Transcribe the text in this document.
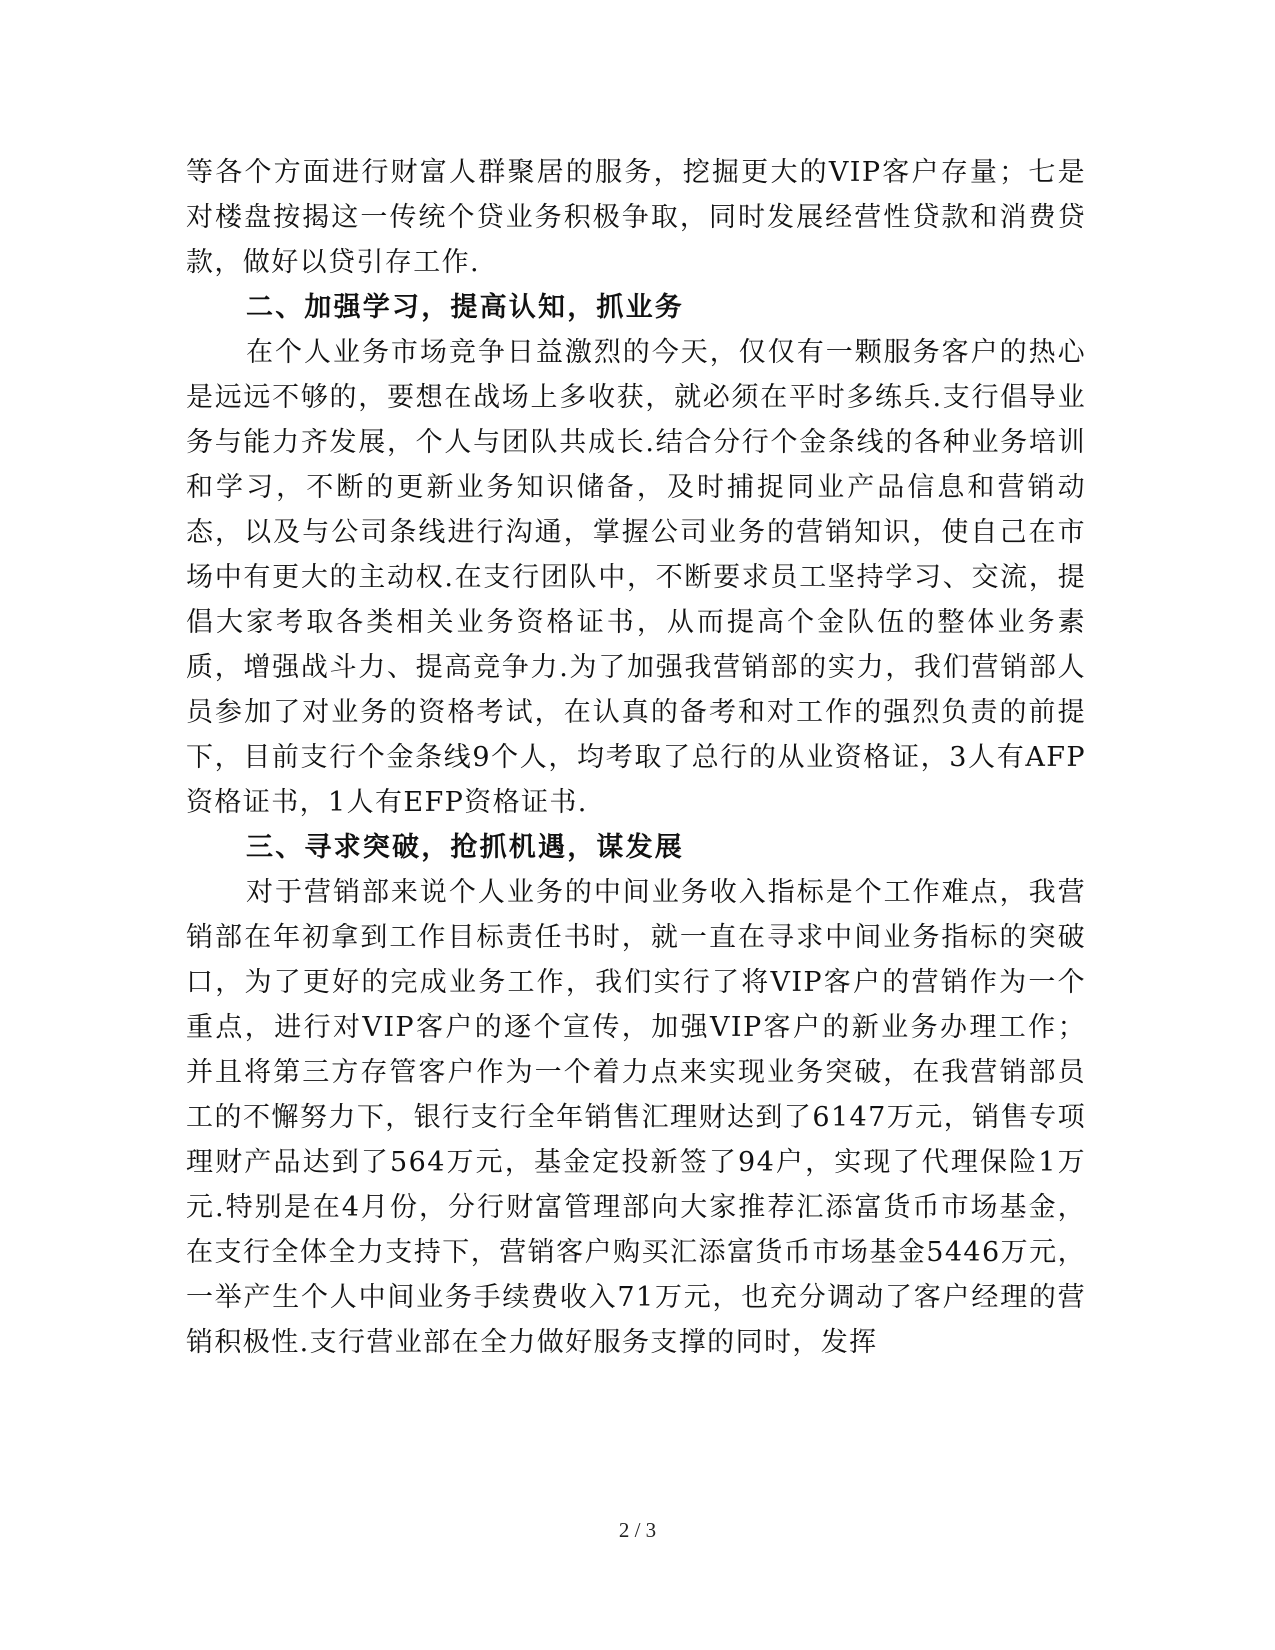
等各个方面进行财富人群聚居的服务，挖掘更大的VIP客户存量；七是对楼盘按揭这一传统个贷业务积极争取，同时发展经营性贷款和消费贷款，做好以贷引存工作.

二、加强学习，提高认知，抓业务

在个人业务市场竞争日益激烈的今天，仅仅有一颗服务客户的热心是远远不够的，要想在战场上多收获，就必须在平时多练兵.支行倡导业务与能力齐发展，个人与团队共成长.结合分行个金条线的各种业务培训和学习，不断的更新业务知识储备，及时捕捉同业产品信息和营销动态，以及与公司条线进行沟通，掌握公司业务的营销知识，使自己在市场中有更大的主动权.在支行团队中，不断要求员工坚持学习、交流，提倡大家考取各类相关业务资格证书，从而提高个金队伍的整体业务素质，增强战斗力、提高竞争力.为了加强我营销部的实力，我们营销部人员参加了对业务的资格考试，在认真的备考和对工作的强烈负责的前提下，目前支行个金条线9个人，均考取了总行的从业资格证，3人有AFP资格证书，1人有EFP资格证书.

三、寻求突破，抢抓机遇，谋发展

对于营销部来说个人业务的中间业务收入指标是个工作难点，我营销部在年初拿到工作目标责任书时，就一直在寻求中间业务指标的突破口，为了更好的完成业务工作，我们实行了将VIP客户的营销作为一个重点，进行对VIP客户的逐个宣传，加强VIP客户的新业务办理工作；并且将第三方存管客户作为一个着力点来实现业务突破，在我营销部员工的不懈努力下，银行支行全年销售汇理财达到了6147万元，销售专项理财产品达到了564万元，基金定投新签了94户，实现了代理保险1万元.特别是在4月份，分行财富管理部向大家推荐汇添富货币市场基金，在支行全体全力支持下，营销客户购买汇添富货币市场基金5446万元，一举产生个人中间业务手续费收入71万元，也充分调动了客户经理的营销积极性.支行营业部在全力做好服务支撑的同时，发挥

2 / 3
